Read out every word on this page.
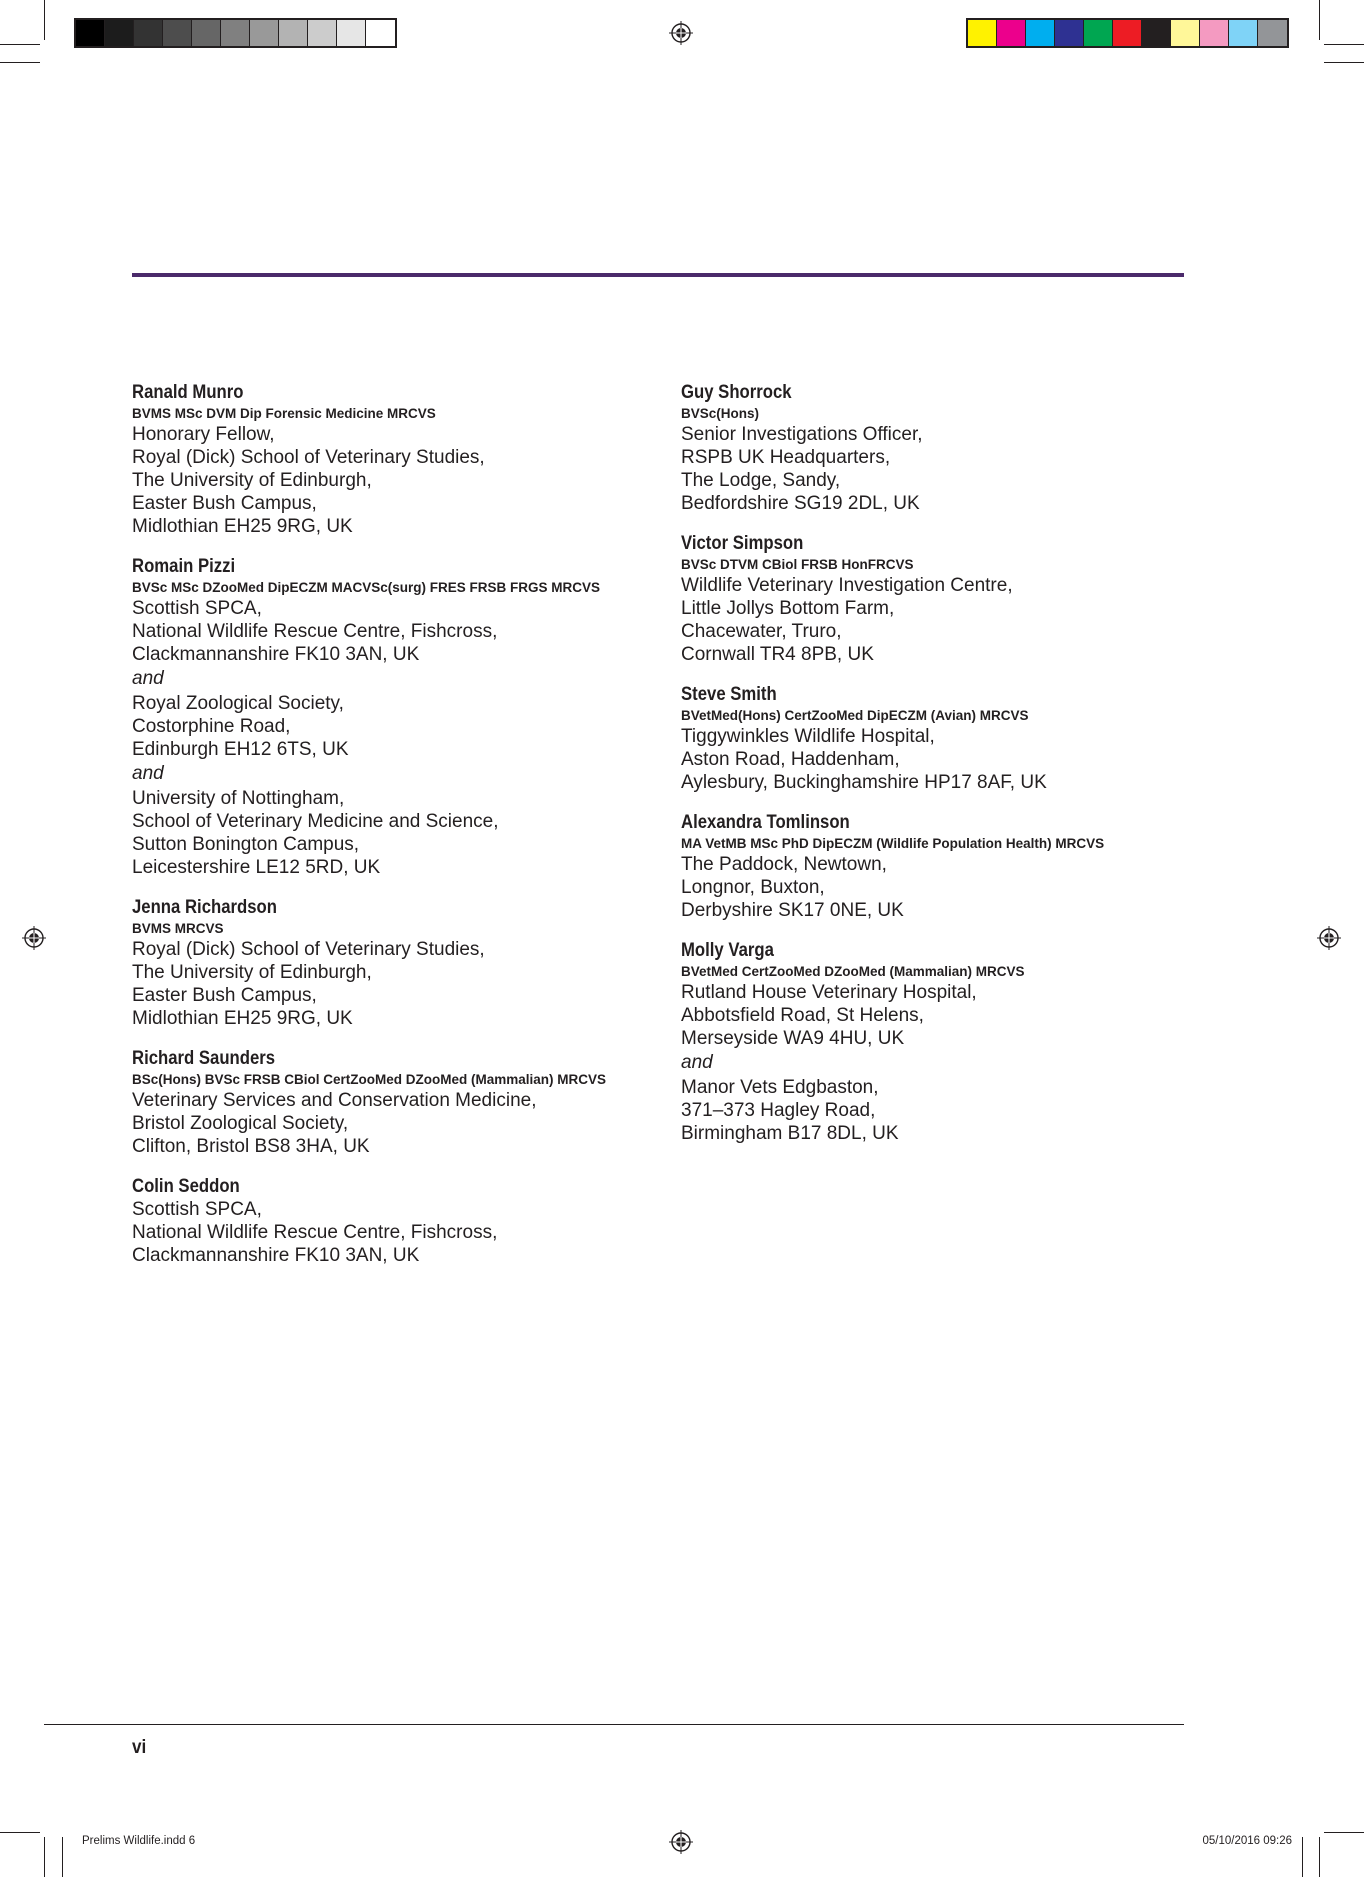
Ranald Munro
BVMS MSc DVM Dip Forensic Medicine MRCVS
Honorary Fellow,
Royal (Dick) School of Veterinary Studies,
The University of Edinburgh,
Easter Bush Campus,
Midlothian EH25 9RG, UK
Romain Pizzi
BVSc MSc DZooMed DipECZM MACVSc(surg) FRES FRSB FRGS MRCVS
Scottish SPCA,
National Wildlife Rescue Centre, Fishcross,
Clackmannanshire FK10 3AN, UK
and
Royal Zoological Society,
Costorphine Road,
Edinburgh EH12 6TS, UK
and
University of Nottingham,
School of Veterinary Medicine and Science,
Sutton Bonington Campus,
Leicestershire LE12 5RD, UK
Jenna Richardson
BVMS MRCVS
Royal (Dick) School of Veterinary Studies,
The University of Edinburgh,
Easter Bush Campus,
Midlothian EH25 9RG, UK
Richard Saunders
BSc(Hons) BVSc FRSB CBiol CertZooMed DZooMed (Mammalian) MRCVS
Veterinary Services and Conservation Medicine,
Bristol Zoological Society,
Clifton, Bristol BS8 3HA, UK
Colin Seddon
Scottish SPCA,
National Wildlife Rescue Centre, Fishcross,
Clackmannanshire FK10 3AN, UK
Guy Shorrock
BVSc(Hons)
Senior Investigations Officer,
RSPB UK Headquarters,
The Lodge, Sandy,
Bedfordshire SG19 2DL, UK
Victor Simpson
BVSc DTVM CBiol FRSB HonFRCVS
Wildlife Veterinary Investigation Centre,
Little Jollys Bottom Farm,
Chacewater, Truro,
Cornwall TR4 8PB, UK
Steve Smith
BVetMed(Hons) CertZooMed DipECZM (Avian) MRCVS
Tiggywinkles Wildlife Hospital,
Aston Road, Haddenham,
Aylesbury, Buckinghamshire HP17 8AF, UK
Alexandra Tomlinson
MA VetMB MSc PhD DipECZM (Wildlife Population Health) MRCVS
The Paddock, Newtown,
Longnor, Buxton,
Derbyshire SK17 0NE, UK
Molly Varga
BVetMed CertZooMed DZooMed (Mammalian) MRCVS
Rutland House Veterinary Hospital,
Abbotsfield Road, St Helens,
Merseyside WA9 4HU, UK
and
Manor Vets Edgbaston,
371–373 Hagley Road,
Birmingham B17 8DL, UK
vi
Prelims Wildlife.indd 6	05/10/2016 09:26
